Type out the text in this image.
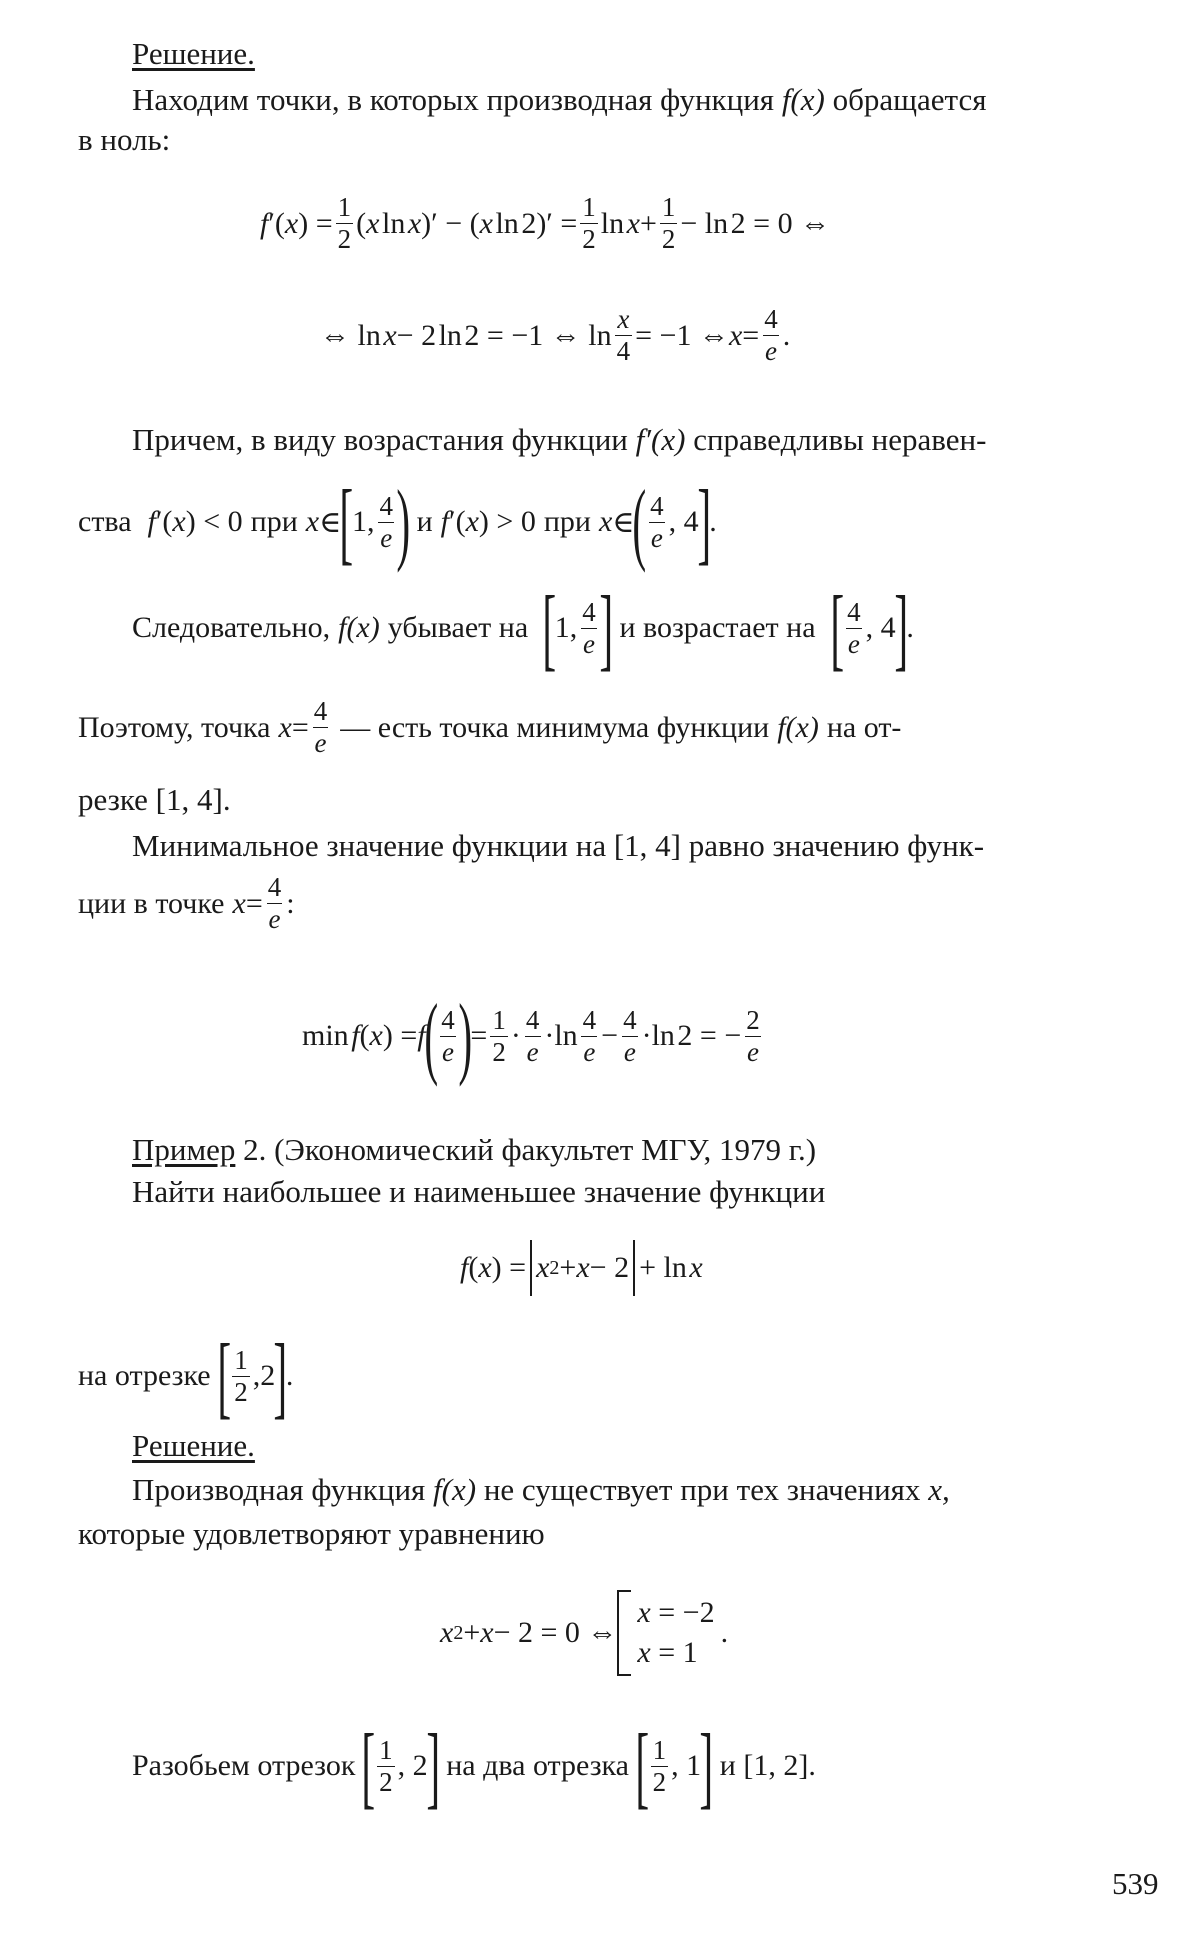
Решение.
Находим точки, в которых производная функция f(x) обращается
в ноль:
f ′ ( x ) = $\frac{1}{2}$ ( x  ln  x )′ − ( x  ln $2)' = \frac{1}{2}$ ln  $x + \frac{1}{2} - \ln$ 2 = 0 ⇔
⇔ ln  x − 2 ln 2 = −1 ⇔ $\ln \frac{x}{4} = -1$ ⇔ $x = \frac{4}{e}$ .
Причем, в виду возрастания функции f′(x) справедливы неравен-
ства f ′( x ) < 0 при x ∈
[
1, $\frac{4}{e}$ ) и f ′( x ) > 0 при x ∈
( $\frac{4}{e}$ , 4
]
.
Следовательно, f(x) убывает на [
1, $\frac{4}{e}$ ] и возрастает на [ $\frac{4}{e}$ , 4
]
.
Поэтому, точка $x = \frac{4}{e}$ — есть точка минимума функции f(x) на от-
резке [1, 4].
Минимальное значение функции на [1, 4] равно значению функ-
ции в точке $x = \frac{4}{e}$ :
min  f ( x ) = f
( $\frac{4}{e}$ )
= $\frac{1}{2} \cdot \frac{4}{e} \cdot\ln \frac{4}{e} - \frac{4}{e} \cdot\ln$ 2 = − $\frac{2}{e}$
Пример 2. (Экономический факультет МГУ, 1979 г.)
Найти наибольшее и наименьшее значение функции
f ( x ) = x 2 + x − 2
+ ln  x
на отрезке [ $\frac{1}{2} ,2$
]
.
Решение.
Производная функция f(x) не существует при тех значениях x,
которые удовлетворяют уравнению
x 2 + x − 2 = 0 ⇔
x = −2
x = 1
.
Разобьем отрезок [ $\frac{1}{2}$ , 2
] на два отрезка [ $\frac{1}{2}$ , 1
] и [1, 2].
539
